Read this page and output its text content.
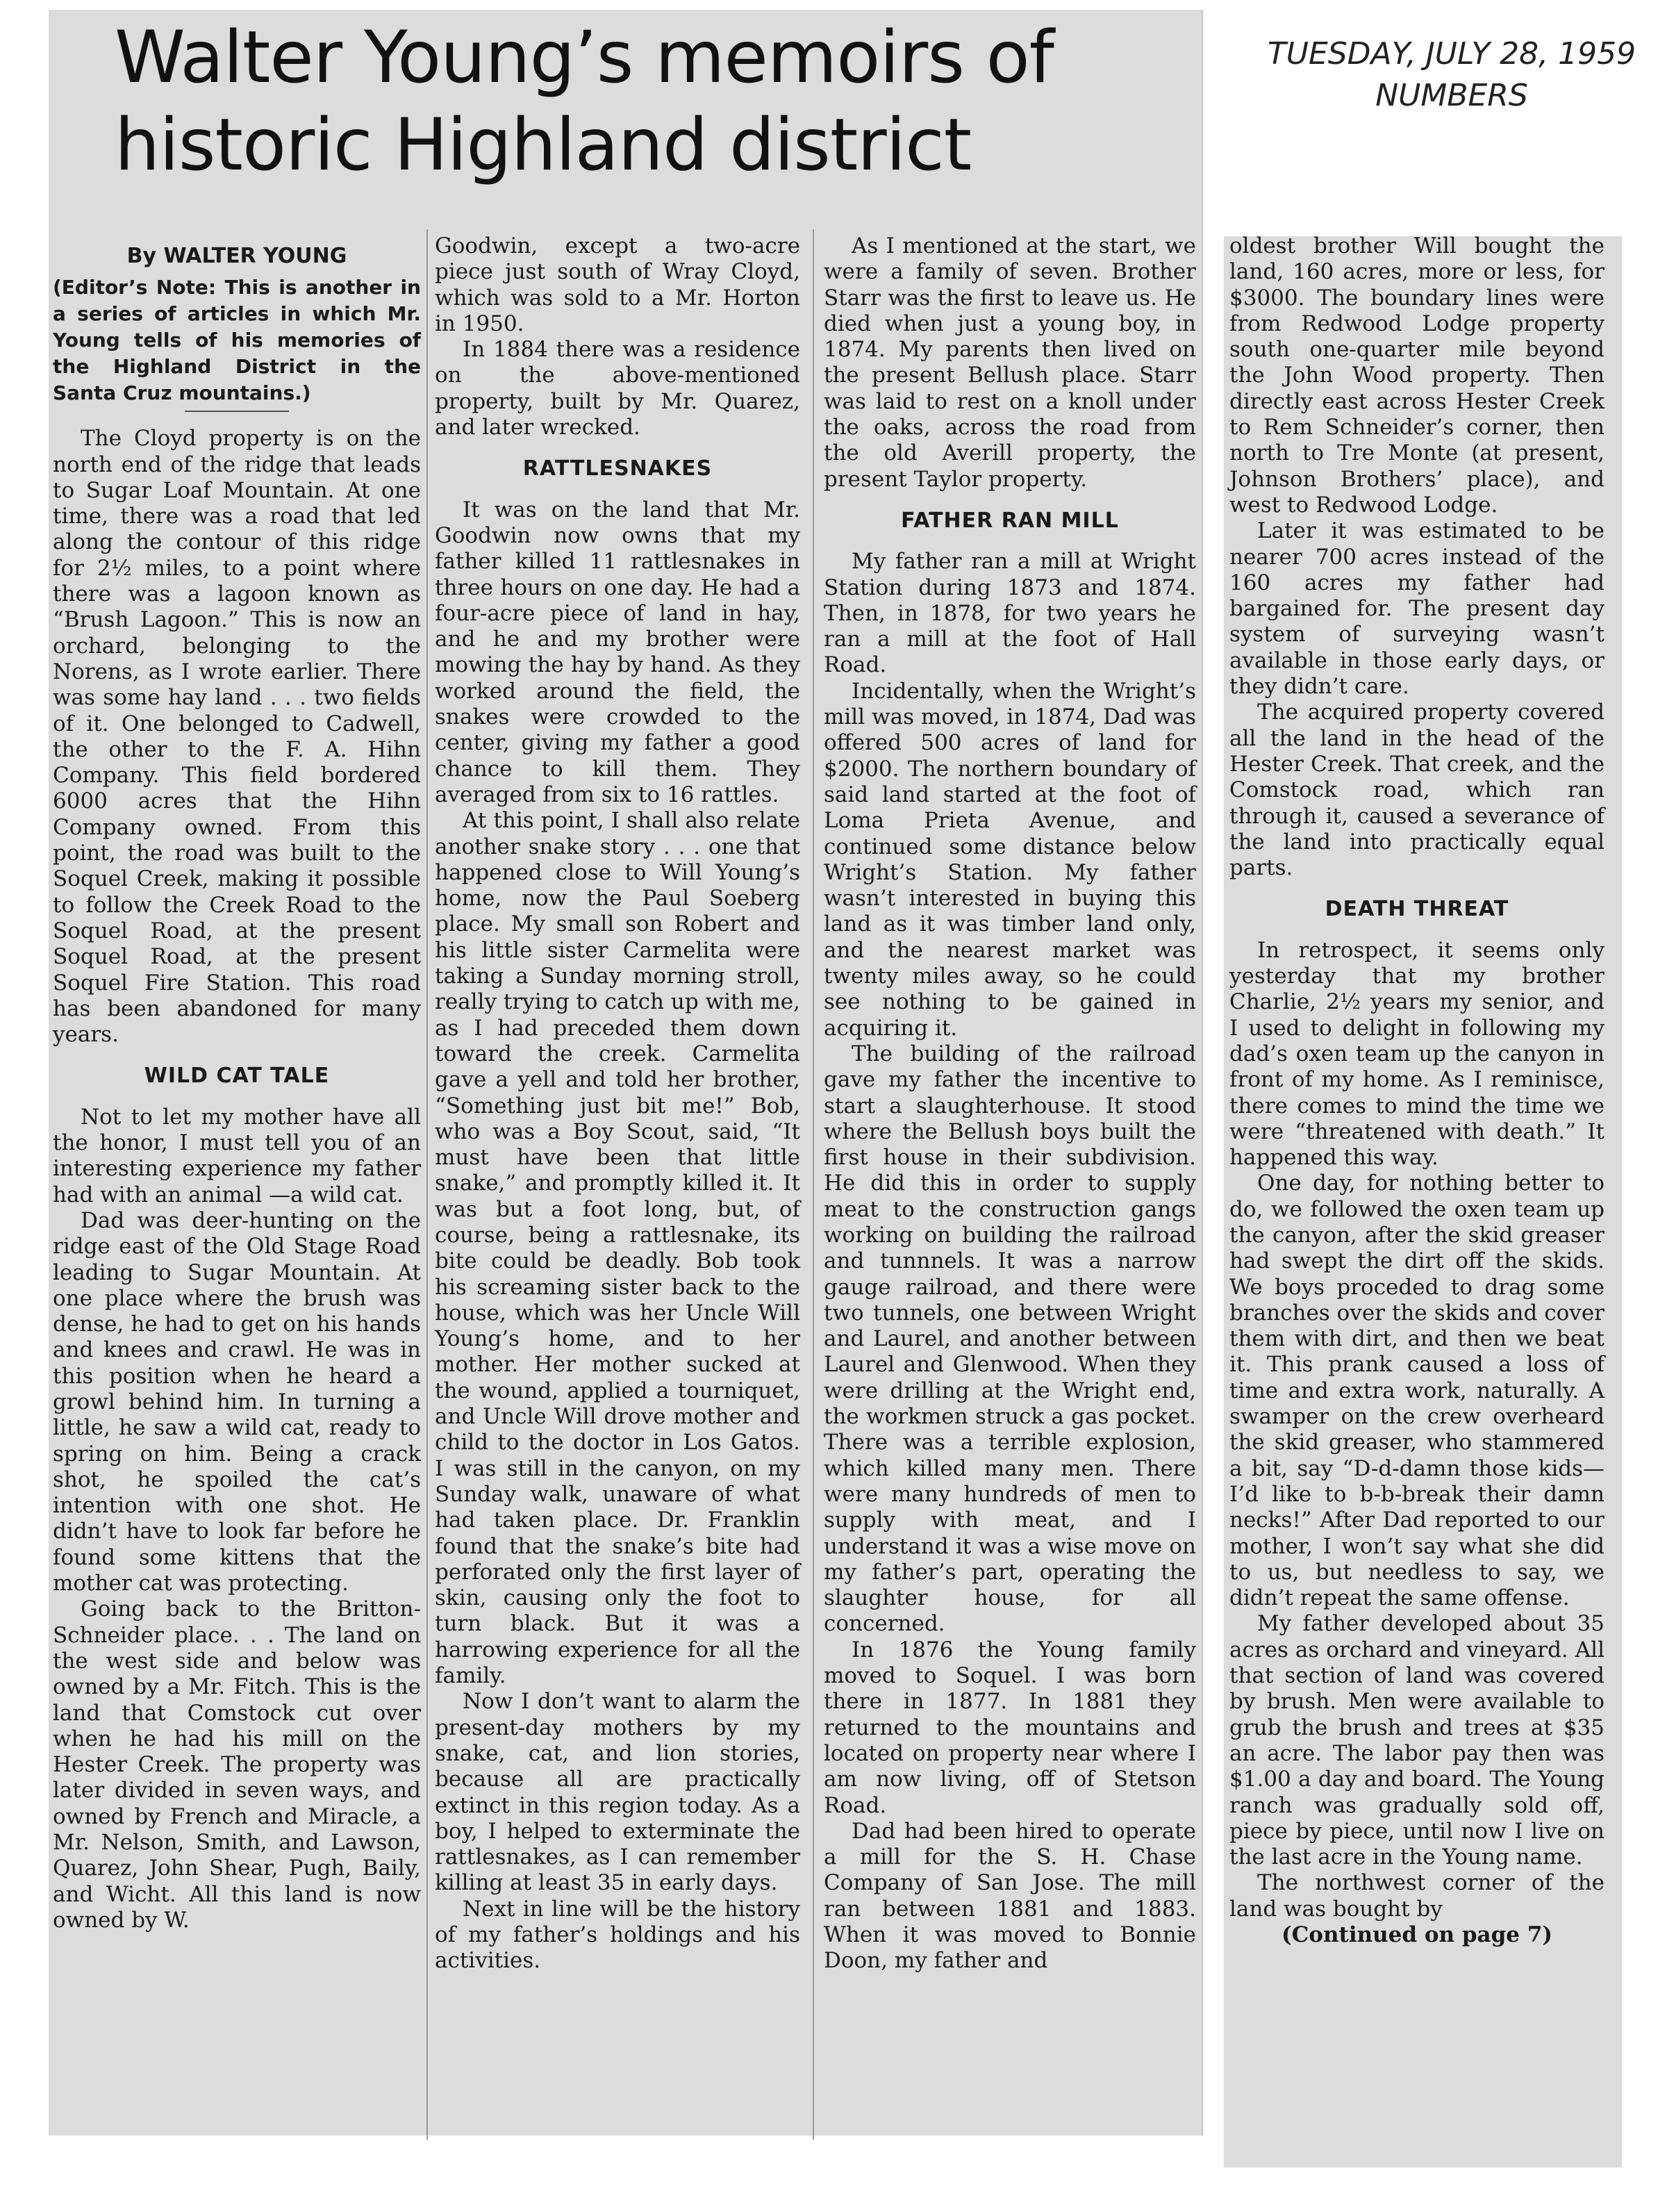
Walter Young’s memoirs of historic Highland district
TUESDAY, JULY 28, 1959
NUMBERS
By WALTER YOUNG

(Editor’s Note: This is another in a series of articles in which Mr. Young tells of his memories of the Highland District in the Santa Cruz mountains.)

The Cloyd property is on the north end of the ridge that leads to Sugar Loaf Mountain. At one time, there was a road that led along the contour of this ridge for 2½ miles, to a point where there was a lagoon known as “Brush Lagoon.” This is now an orchard, belonging to the Norens, as I wrote earlier. There was some hay land . . . two fields of it. One belonged to Cadwell, the other to the F. A. Hihn Company. This field bordered 6000 acres that the Hihn Company owned. From this point, the road was built to the Soquel Creek, making it possible to follow the Creek Road to the Soquel Road, at the present Soquel Road, at the present Soquel Fire Station. This road has been abandoned for many years.

WILD CAT TALE

Not to let my mother have all the honor, I must tell you of an interesting experience my father had with an animal —a wild cat.

Dad was deer-hunting on the ridge east of the Old Stage Road leading to Sugar Mountain. At one place where the brush was dense, he had to get on his hands and knees and crawl. He was in this position when he heard a growl behind him. In turning a little, he saw a wild cat, ready to spring on him. Being a crack shot, he spoiled the cat’s intention with one shot. He didn’t have to look far before he found some kittens that the mother cat was protecting.

Going back to the Britton-Schneider place. . . The land on the west side and below was owned by a Mr. Fitch. This is the land that Comstock cut over when he had his mill on the Hester Creek. The property was later divided in seven ways, and owned by French and Miracle, a Mr. Nelson, Smith, and Lawson, Quarez, John Shear, Pugh, Baily, and Wicht. All this land is now owned by W.

Goodwin, except a two-acre piece just south of Wray Cloyd, which was sold to a Mr. Horton in 1950.

In 1884 there was a residence on the above-mentioned property, built by Mr. Quarez, and later wrecked.

RATTLESNAKES

It was on the land that Mr. Goodwin now owns that my father killed 11 rattlesnakes in three hours on one day. He had a four-acre piece of land in hay, and he and my brother were mowing the hay by hand. As they worked around the field, the snakes were crowded to the center, giving my father a good chance to kill them. They averaged from six to 16 rattles.

At this point, I shall also relate another snake story . . . one that happened close to Will Young’s home, now the Paul Soeberg place. My small son Robert and his little sister Carmelita were taking a Sunday morning stroll, really trying to catch up with me, as I had preceded them down toward the creek. Carmelita gave a yell and told her brother, “Something just bit me!” Bob, who was a Boy Scout, said, “It must have been that little snake,” and promptly killed it. It was but a foot long, but, of course, being a rattlesnake, its bite could be deadly. Bob took his screaming sister back to the house, which was her Uncle Will Young’s home, and to her mother. Her mother sucked at the wound, applied a tourniquet, and Uncle Will drove mother and child to the doctor in Los Gatos. I was still in the canyon, on my Sunday walk, unaware of what had taken place. Dr. Franklin found that the snake’s bite had perforated only the first layer of skin, causing only the foot to turn black. But it was a harrowing experience for all the family.

Now I don’t want to alarm the present-day mothers by my snake, cat, and lion stories, because all are practically extinct in this region today. As a boy, I helped to exterminate the rattlesnakes, as I can remember killing at least 35 in early days.

Next in line will be the history of my father’s holdings and his activities.

As I mentioned at the start, we were a family of seven. Brother Starr was the first to leave us. He died when just a young boy, in 1874. My parents then lived on the present Bellush place. Starr was laid to rest on a knoll under the oaks, across the road from the old Averill property, the present Taylor property.

FATHER RAN MILL

My father ran a mill at Wright Station during 1873 and 1874. Then, in 1878, for two years he ran a mill at the foot of Hall Road.

Incidentally, when the Wright’s mill was moved, in 1874, Dad was offered 500 acres of land for $2000. The northern boundary of said land started at the foot of Loma Prieta Avenue, and continued some distance below Wright’s Station. My father wasn’t interested in buying this land as it was timber land only, and the nearest market was twenty miles away, so he could see nothing to be gained in acquiring it.

The building of the railroad gave my father the incentive to start a slaughterhouse. It stood where the Bellush boys built the first house in their subdivision. He did this in order to supply meat to the construction gangs working on building the railroad and tunnnels. It was a narrow gauge railroad, and there were two tunnels, one between Wright and Laurel, and another between Laurel and Glenwood. When they were drilling at the Wright end, the workmen struck a gas pocket. There was a terrible explosion, which killed many men. There were many hundreds of men to supply with meat, and I understand it was a wise move on my father’s part, operating the slaughter house, for all concerned.

In 1876 the Young family moved to Soquel. I was born there in 1877. In 1881 they returned to the mountains and located on property near where I am now living, off of Stetson Road.

Dad had been hired to operate a mill for the S. H. Chase Company of San Jose. The mill ran between 1881 and 1883. When it was moved to Bonnie Doon, my father and

oldest brother Will bought the land, 160 acres, more or less, for $3000. The boundary lines were from Redwood Lodge property south one-quarter mile beyond the John Wood property. Then directly east across Hester Creek to Rem Schneider’s corner, then north to Tre Monte (at present, Johnson Brothers’ place), and west to Redwood Lodge.

Later it was estimated to be nearer 700 acres instead of the 160 acres my father had bargained for. The present day system of surveying wasn’t available in those early days, or they didn’t care.

The acquired property covered all the land in the head of the Hester Creek. That creek, and the Comstock road, which ran through it, caused a severance of the land into practically equal parts.

DEATH THREAT

In retrospect, it seems only yesterday that my brother Charlie, 2½ years my senior, and I used to delight in following my dad’s oxen team up the canyon in front of my home. As I reminisce, there comes to mind the time we were “threatened with death.” It happened this way.

One day, for nothing better to do, we followed the oxen team up the canyon, after the skid greaser had swept the dirt off the skids. We boys proceded to drag some branches over the skids and cover them with dirt, and then we beat it. This prank caused a loss of time and extra work, naturally. A swamper on the crew overheard the skid greaser, who stammered a bit, say “D-d-damn those kids—I’d like to b-b-break their damn necks!” After Dad reported to our mother, I won’t say what she did to us, but needless to say, we didn’t repeat the same offense.

My father developed about 35 acres as orchard and vineyard. All that section of land was covered by brush. Men were available to grub the brush and trees at $35 an acre. The labor pay then was $1.00 a day and board. The Young ranch was gradually sold off, piece by piece, until now I live on the last acre in the Young name.

The northwest corner of the land was bought by

(Continued on page 7)
